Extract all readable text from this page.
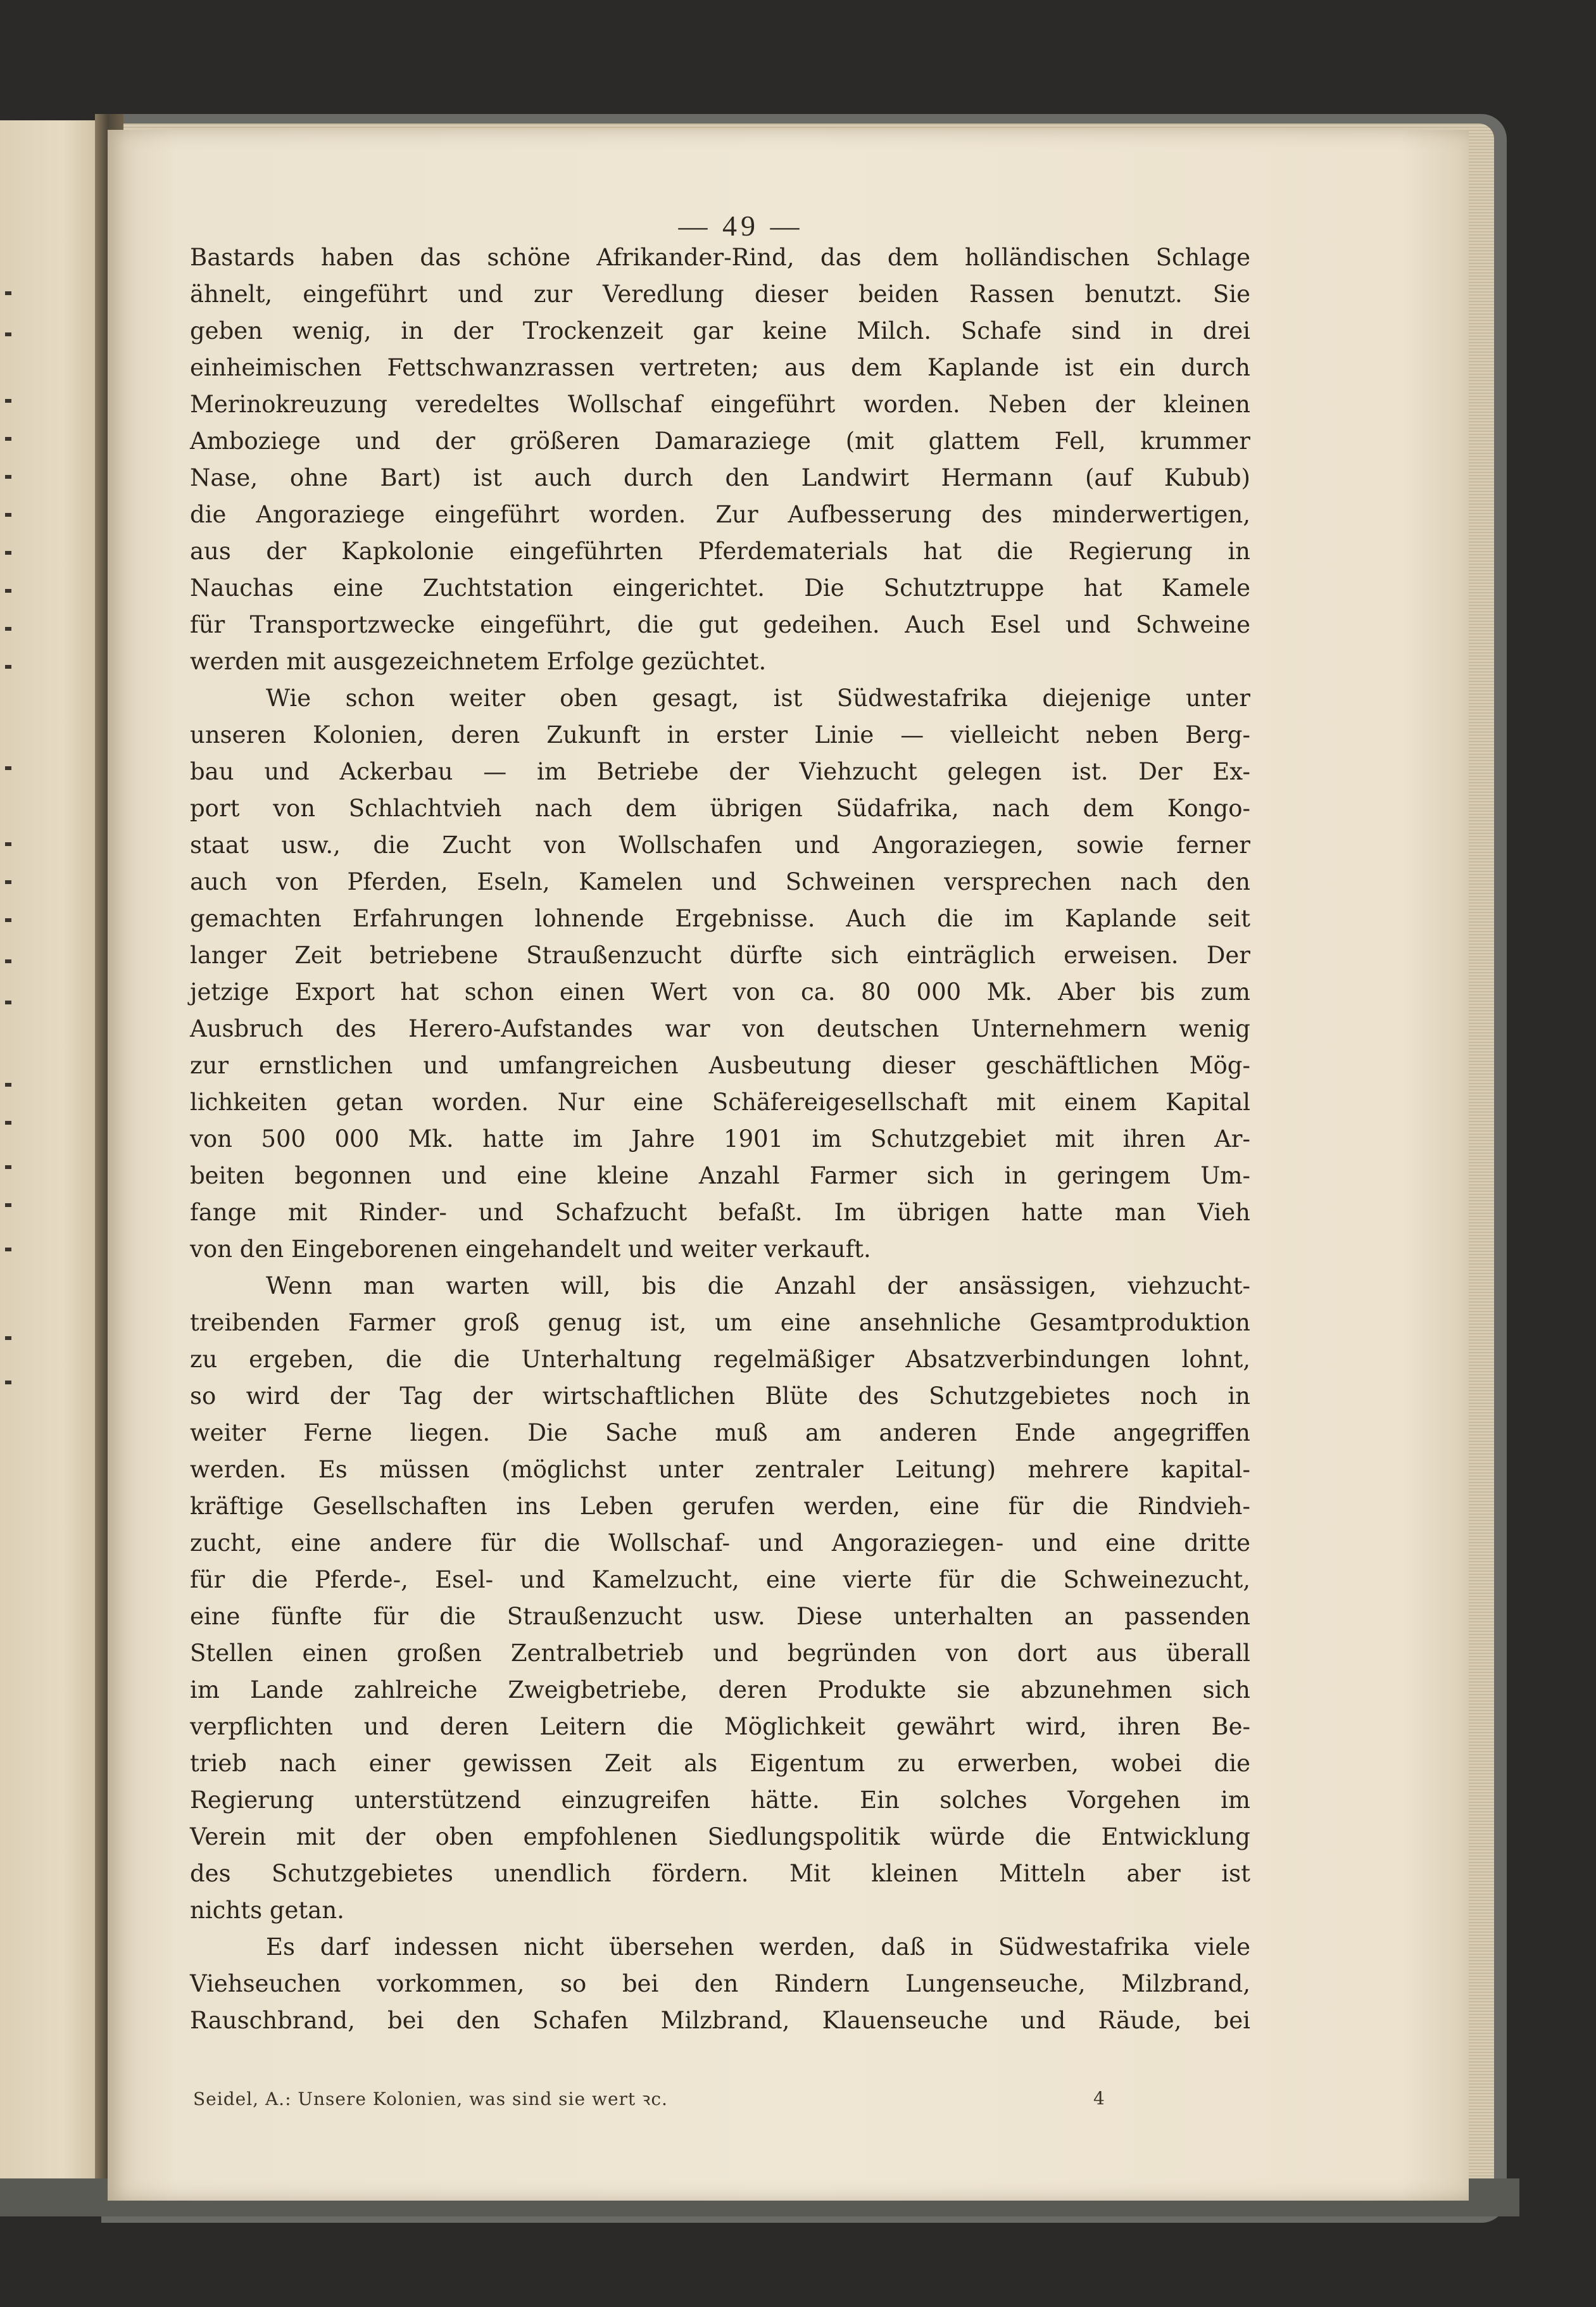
— 49 —
Bastards haben das schöne Afrikander-Rind, das dem holländischen Schlage
ähnelt, eingeführt und zur Veredlung dieser beiden Rassen benutzt. Sie
geben wenig, in der Trockenzeit gar keine Milch. Schafe sind in drei
einheimischen Fettschwanzrassen vertreten; aus dem Kaplande ist ein durch
Merinokreuzung veredeltes Wollschaf eingeführt worden. Neben der kleinen
Amboziege und der größeren Damaraziege (mit glattem Fell, krummer
Nase, ohne Bart) ist auch durch den Landwirt Hermann (auf Kubub)
die Angoraziege eingeführt worden. Zur Aufbesserung des minderwertigen,
aus der Kapkolonie eingeführten Pferdematerials hat die Regierung in
Nauchas eine Zuchtstation eingerichtet. Die Schutztruppe hat Kamele
für Transportzwecke eingeführt, die gut gedeihen. Auch Esel und Schweine
werden mit ausgezeichnetem Erfolge gezüchtet.
Wie schon weiter oben gesagt, ist Südwestafrika diejenige unter
unseren Kolonien, deren Zukunft in erster Linie — vielleicht neben Berg-
bau und Ackerbau — im Betriebe der Viehzucht gelegen ist. Der Ex-
port von Schlachtvieh nach dem übrigen Südafrika, nach dem Kongo-
staat usw., die Zucht von Wollschafen und Angoraziegen, sowie ferner
auch von Pferden, Eseln, Kamelen und Schweinen versprechen nach den
gemachten Erfahrungen lohnende Ergebnisse. Auch die im Kaplande seit
langer Zeit betriebene Straußenzucht dürfte sich einträglich erweisen. Der
jetzige Export hat schon einen Wert von ca. 80 000 Mk. Aber bis zum
Ausbruch des Herero-Aufstandes war von deutschen Unternehmern wenig
zur ernstlichen und umfangreichen Ausbeutung dieser geschäftlichen Mög-
lichkeiten getan worden. Nur eine Schäfereigesellschaft mit einem Kapital
von 500 000 Mk. hatte im Jahre 1901 im Schutzgebiet mit ihren Ar-
beiten begonnen und eine kleine Anzahl Farmer sich in geringem Um-
fange mit Rinder- und Schafzucht befaßt. Im übrigen hatte man Vieh
von den Eingeborenen eingehandelt und weiter verkauft.
Wenn man warten will, bis die Anzahl der ansässigen, viehzucht-
treibenden Farmer groß genug ist, um eine ansehnliche Gesamtproduktion
zu ergeben, die die Unterhaltung regelmäßiger Absatzverbindungen lohnt,
so wird der Tag der wirtschaftlichen Blüte des Schutzgebietes noch in
weiter Ferne liegen. Die Sache muß am anderen Ende angegriffen
werden. Es müssen (möglichst unter zentraler Leitung) mehrere kapital-
kräftige Gesellschaften ins Leben gerufen werden, eine für die Rindvieh-
zucht, eine andere für die Wollschaf- und Angoraziegen- und eine dritte
für die Pferde-, Esel- und Kamelzucht, eine vierte für die Schweinezucht,
eine fünfte für die Straußenzucht usw. Diese unterhalten an passenden
Stellen einen großen Zentralbetrieb und begründen von dort aus überall
im Lande zahlreiche Zweigbetriebe, deren Produkte sie abzunehmen sich
verpflichten und deren Leitern die Möglichkeit gewährt wird, ihren Be-
trieb nach einer gewissen Zeit als Eigentum zu erwerben, wobei die
Regierung unterstützend einzugreifen hätte. Ein solches Vorgehen im
Verein mit der oben empfohlenen Siedlungspolitik würde die Entwicklung
des Schutzgebietes unendlich fördern. Mit kleinen Mitteln aber ist
nichts getan.
Es darf indessen nicht übersehen werden, daß in Südwestafrika viele
Viehseuchen vorkommen, so bei den Rindern Lungenseuche, Milzbrand,
Rauschbrand, bei den Schafen Milzbrand, Klauenseuche und Räude, bei
Seidel, A.: Unsere Kolonien, was sind sie wert ꝛc.	4
